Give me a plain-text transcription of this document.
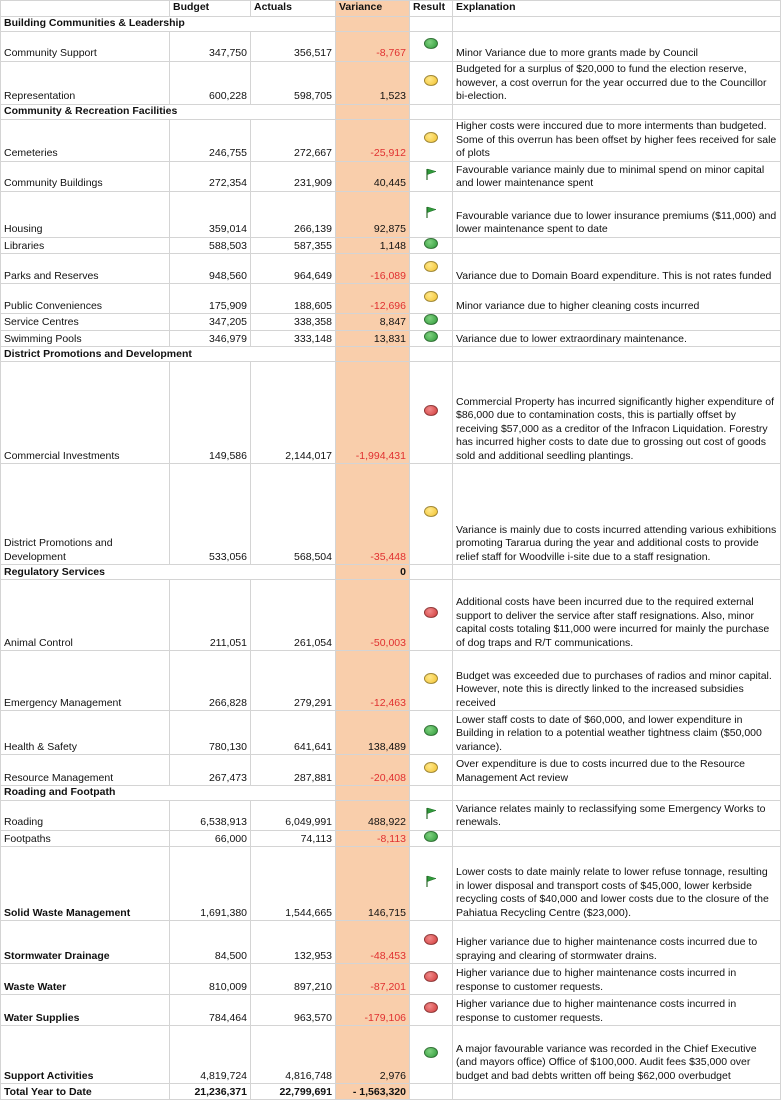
	Budget	Actuals	Variance	Result	Explanation
Building Communities & Leadership					
Community Support	347,750	356,517	-8,767		Minor Variance due to more grants made by Council
Representation	600,228	598,705	1,523		Budgeted for a surplus of $20,000 to fund the election reserve, however, a cost overrun for the year occurred due to the Councillor bi-election.
Community & Recreation Facilities					
Cemeteries	246,755	272,667	-25,912		Higher costs were inccured due to more interments than budgeted. Some of this overrun has been offset by higher fees received for sale of plots
Community Buildings	272,354	231,909	40,445		Favourable variance mainly due to minimal spend on minor capital and lower maintenance spent
Housing	359,014	266,139	92,875		Favourable variance due to lower insurance premiums ($11,000) and lower maintenance spent to date
Libraries	588,503	587,355	1,148		
Parks and Reserves	948,560	964,649	-16,089		Variance due to Domain Board expenditure. This is not rates funded
Public Conveniences	175,909	188,605	-12,696		Minor variance due to higher cleaning costs incurred
Service Centres	347,205	338,358	8,847		
Swimming Pools	346,979	333,148	13,831		Variance due to lower extraordinary maintenance.
District Promotions and Development					
Commercial Investments	149,586	2,144,017	-1,994,431		Commercial Property has incurred significantly higher expenditure of $86,000 due to contamination costs, this is partially offset by receiving $57,000 as a creditor of the Infracon Liquidation. Forestry has incurred higher costs to date due to grossing out cost of goods sold and additional seedling plantings.
District Promotions and Development	533,056	568,504	-35,448		Variance is mainly due to costs incurred attending various exhibitions promoting Tararua during the year and additional costs to provide relief staff for Woodville i-site due to a staff resignation.
Regulatory Services			0		
Animal Control	211,051	261,054	-50,003		Additional costs have been incurred due to the required external support to deliver the service after staff resignations. Also, minor capital costs totaling $11,000 were incurred for mainly the purchase of dog traps and R/T communications.
Emergency Management	266,828	279,291	-12,463		Budget was exceeded due to purchases of radios and minor capital. However, note this is directly linked to the increased subsidies received
Health & Safety	780,130	641,641	138,489		Lower staff costs to date of $60,000, and lower expenditure in Building in relation to a potential weather tightness claim ($50,000 variance).
Resource Management	267,473	287,881	-20,408		Over expenditure is due to costs incurred due to the Resource Management Act review
Roading and Footpath					
Roading	6,538,913	6,049,991	488,922		Variance relates mainly to reclassifying some Emergency Works to renewals.
Footpaths	66,000	74,113	-8,113		
Solid Waste Management	1,691,380	1,544,665	146,715		Lower costs to date mainly relate to lower refuse tonnage, resulting in lower disposal and transport costs of $45,000, lower kerbside recycling costs of $40,000 and lower costs due to the closure of the Pahiatua Recycling Centre ($23,000).
Stormwater Drainage	84,500	132,953	-48,453		Higher variance due to higher maintenance costs incurred due to spraying and clearing of stormwater drains.
Waste Water	810,009	897,210	-87,201		Higher variance due to higher maintenance costs incurred in response to customer requests.
Water Supplies	784,464	963,570	-179,106		Higher variance due to higher maintenance costs incurred in response to customer requests.
Support Activities	4,819,724	4,816,748	2,976		A major favourable variance was recorded in the Chief Executive (and mayors office) Office of $100,000. Audit fees $35,000 over budget and bad debts written off being $62,000 overbudget
Total Year to Date	21,236,371	22,799,691	- 1,563,320		
